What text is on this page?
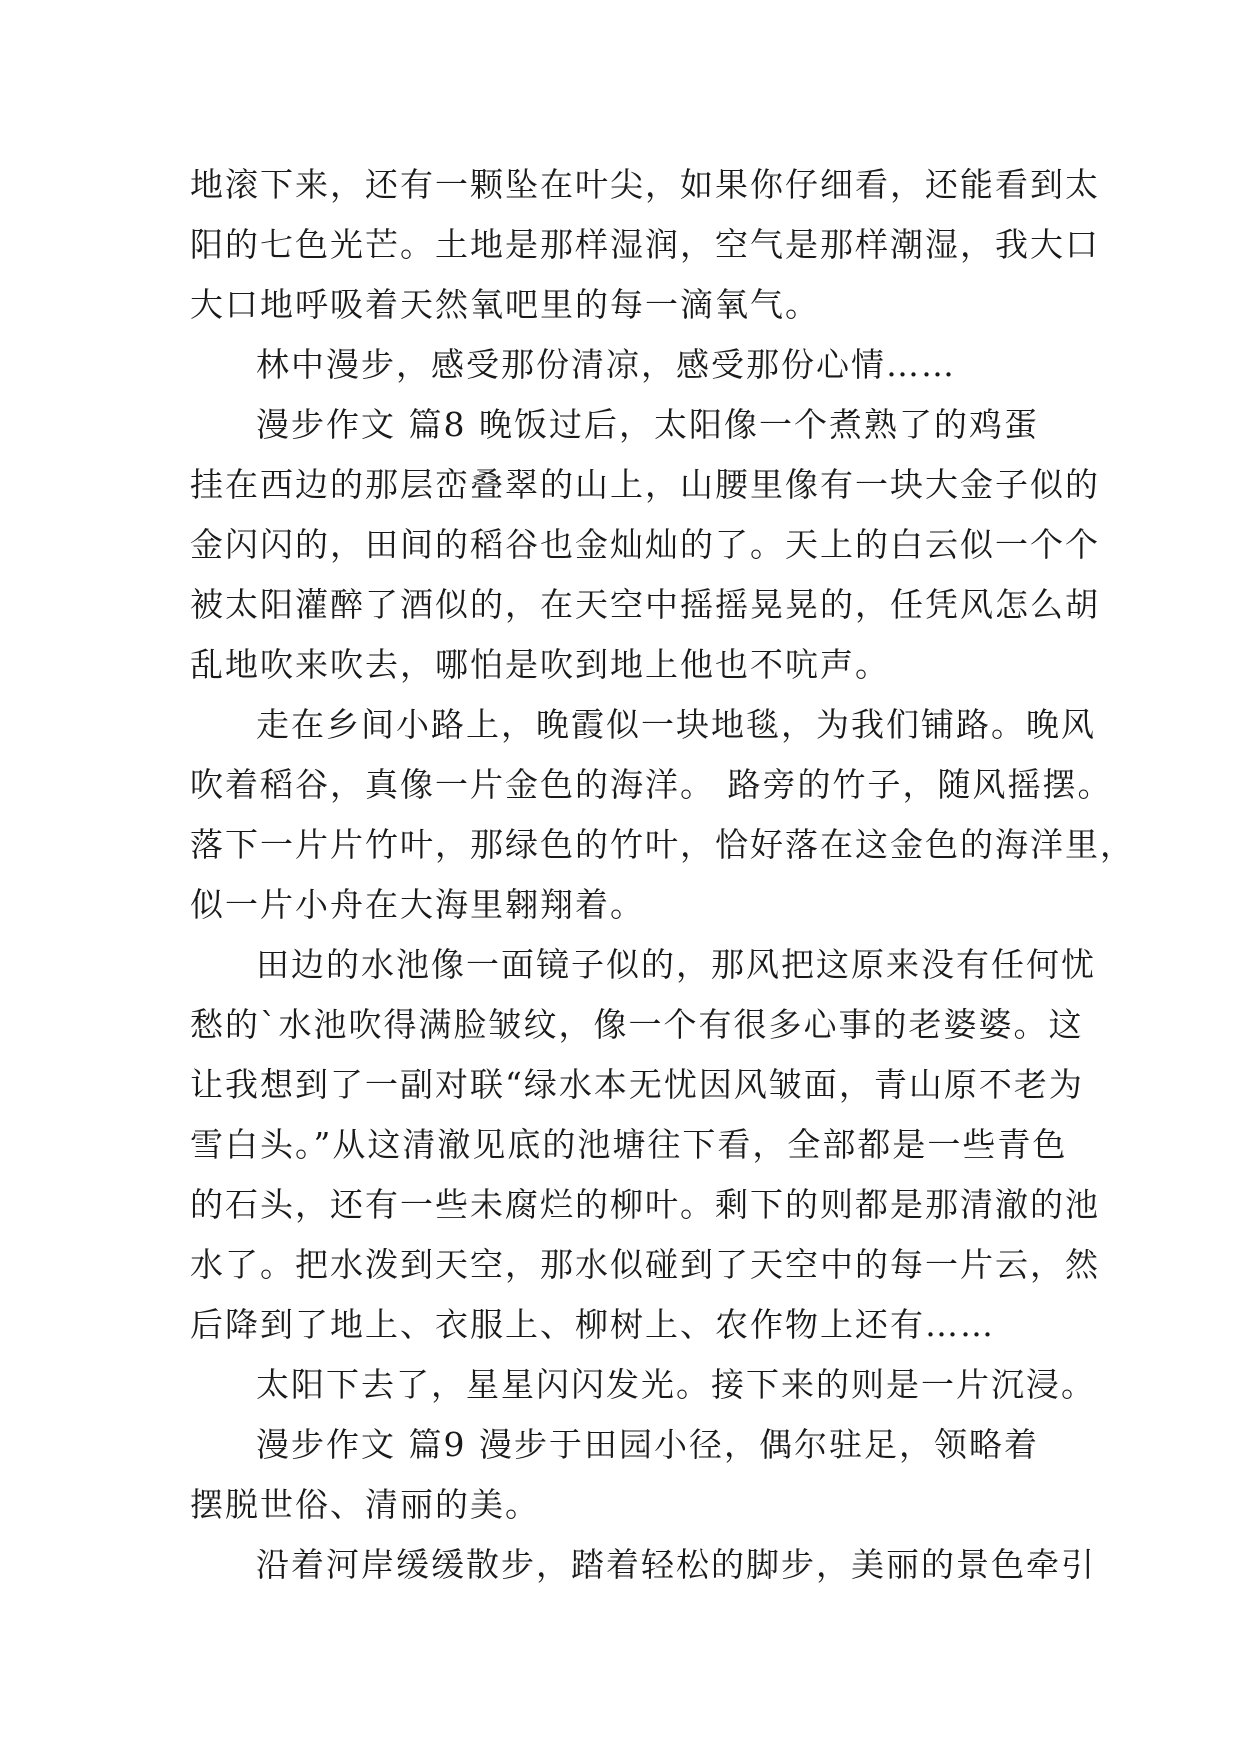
地滚下来，还有一颗坠在叶尖，如果你仔细看，还能看到太
阳的七色光芒。土地是那样湿润，空气是那样潮湿，我大口
大口地呼吸着天然氧吧里的每一滴氧气。
林中漫步，感受那份清凉，感受那份心情……
漫步作文 篇8 晚饭过后，太阳像一个煮熟了的鸡蛋
挂在西边的那层峦叠翠的山上，山腰里像有一块大金子似的
金闪闪的，田间的稻谷也金灿灿的了。天上的白云似一个个
被太阳灌醉了酒似的，在天空中摇摇晃晃的，任凭风怎么胡
乱地吹来吹去，哪怕是吹到地上他也不吭声。
走在乡间小路上，晚霞似一块地毯，为我们铺路。晚风
吹着稻谷，真像一片金色的海洋。 路旁的竹子，随风摇摆。
落下一片片竹叶，那绿色的竹叶，恰好落在这金色的海洋里，
似一片小舟在大海里翱翔着。
田边的水池像一面镜子似的，那风把这原来没有任何忧
愁的`水池吹得满脸皱纹，像一个有很多心事的老婆婆。这
让我想到了一副对联“绿水本无忧因风皱面，青山原不老为
雪白头。”从这清澈见底的池塘往下看，全部都是一些青色
的石头，还有一些未腐烂的柳叶。剩下的则都是那清澈的池
水了。把水泼到天空，那水似碰到了天空中的每一片云，然
后降到了地上、衣服上、柳树上、农作物上还有……
太阳下去了，星星闪闪发光。接下来的则是一片沉浸。
漫步作文 篇9 漫步于田园小径，偶尔驻足，领略着
摆脱世俗、清丽的美。
沿着河岸缓缓散步，踏着轻松的脚步，美丽的景色牵引
